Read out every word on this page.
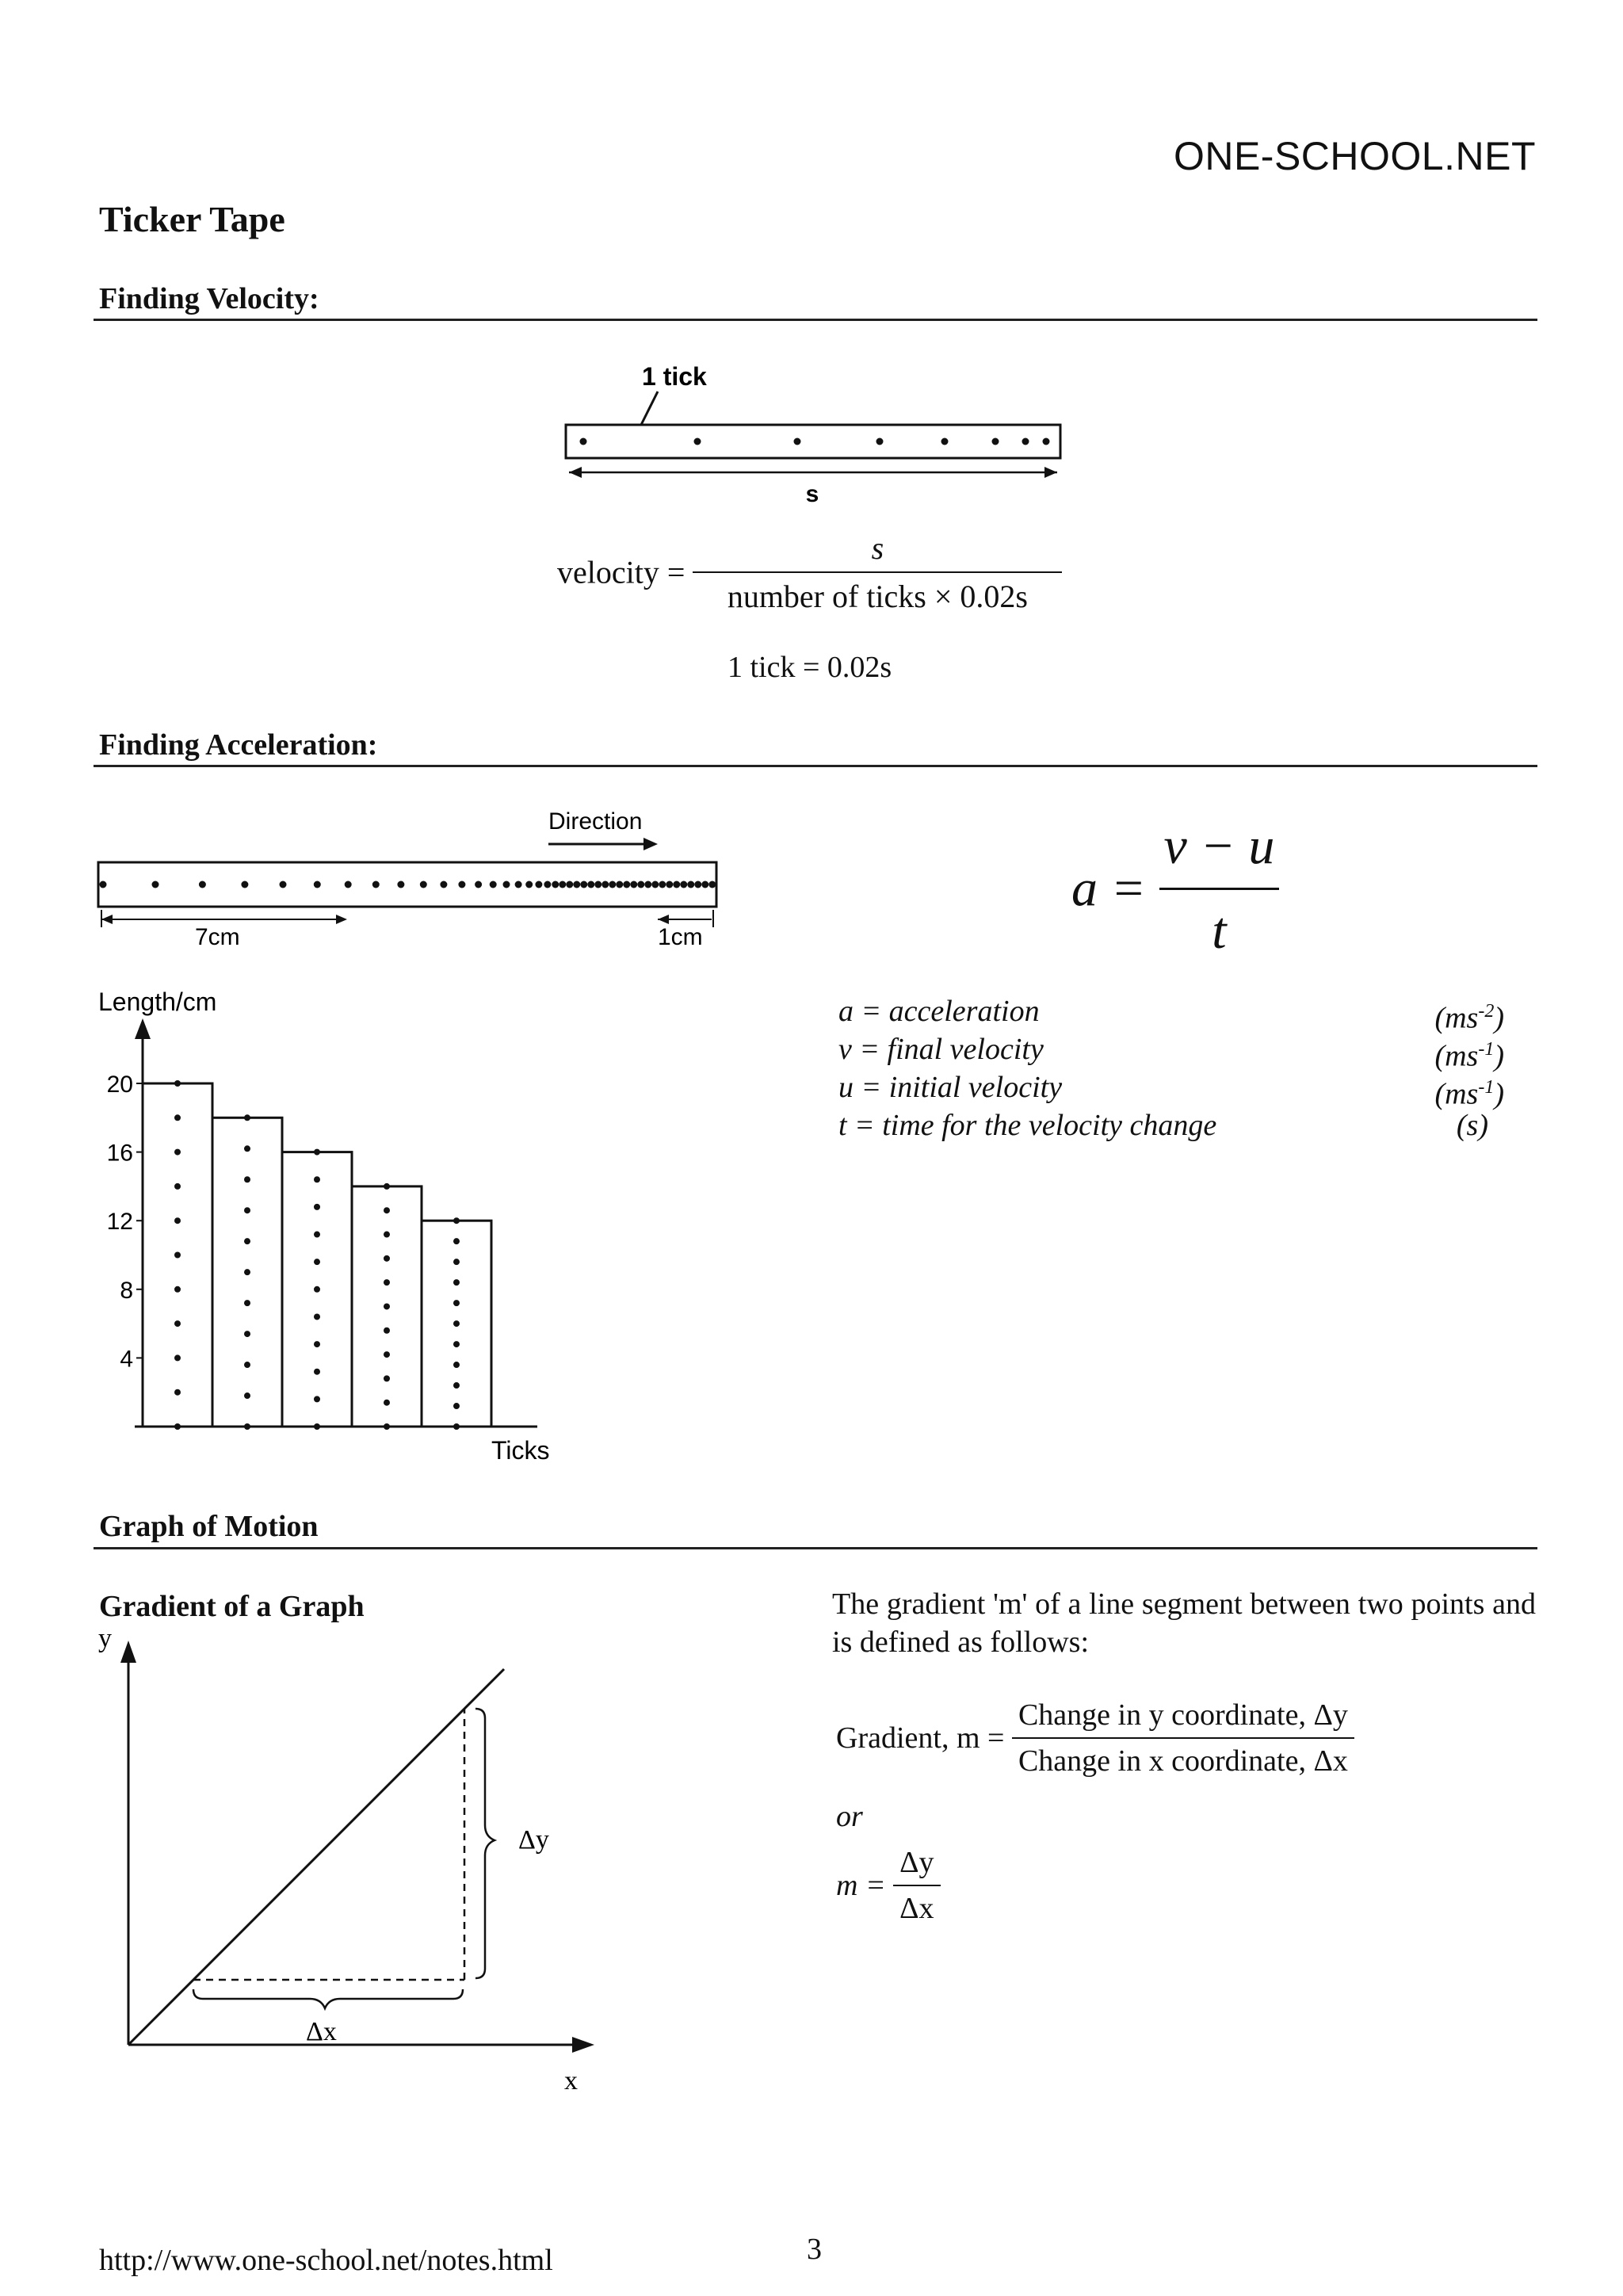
ONE-SCHOOL.NET
Ticker Tape
Finding Velocity:
1 tick
s
velocity = $\frac{s}{\text{number of ticks × 0.02s}}$
1 tick = 0.02s
Finding Acceleration:
Direction
7cm	1cm
$a = \frac{v - u}{t}$
Length/cm
4
8
12
16
20
Ticks
a = acceleration	$(ms^{-2})$
v = final velocity	$(ms^{-1})$
u = initial velocity	$(ms^{-1})$
t = time for the velocity change	(s)
Graph of Motion
Gradient of a Graph
y
x
Δy
Δx
The gradient 'm' of a line segment between two points and is defined as follows:
Gradient, $m = \frac{\text{Change in y coordinate, Δy}}{\text{Change in x coordinate, Δx}}$
or
$m = \frac{\Delta y}{\Delta x}$
3
http://www.one-school.net/notes.html
